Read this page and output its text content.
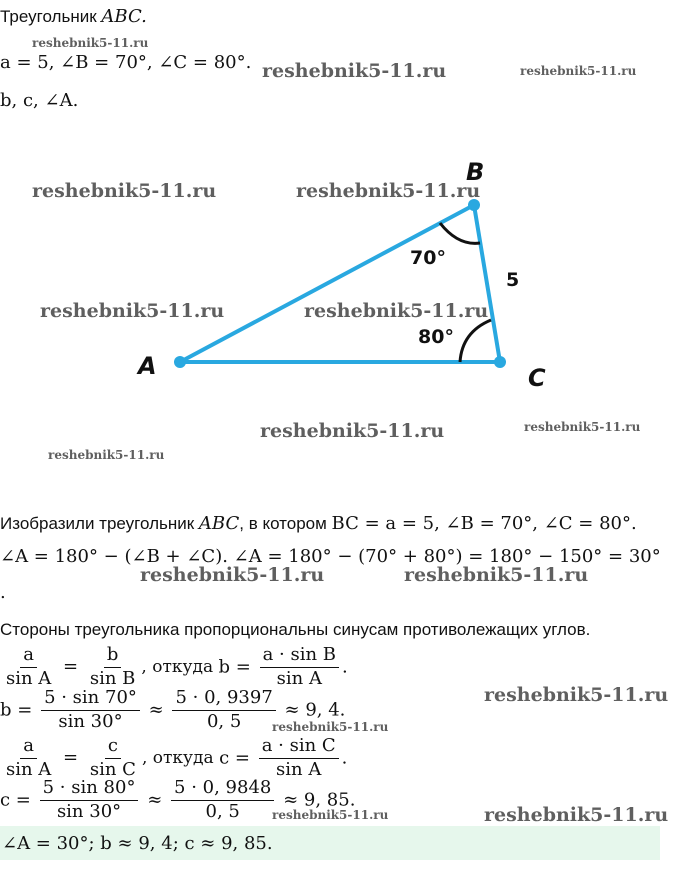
Треугольник ABC.
a = 5, ∠B = 70°, ∠C = 80°.
b, c, ∠A.
A
B
C
70°
80°
5
Изобразили треугольник ABC, в котором BC = a = 5, ∠B = 70°, ∠C = 80°.
∠A = 180° − (∠B + ∠C). ∠A = 180° − (70° + 80°) = 180° − 150° = 30°
.
Стороны треугольника пропорциональны синусам противолежащих углов.
$\frac{a}{\text{sin A}} = \frac{b}{\text{sin B}}$ , откуда $b = \frac{\text{a · sin B}}{\text{sin A}}$ .
$b = \frac{5 \cdot \sin 70^\circ}{\sin 30^\circ} \approx \frac{5 \cdot 0, 9397}{0, 5} \approx 9$, 4.
$\frac{a}{\text{sin A}} = \frac{c}{\text{sin C}}$ , откуда $c = \frac{\text{a · sin C}}{\text{sin A}}$ .
$c = \frac{5 \cdot \sin 80^\circ}{\sin 30^\circ} \approx \frac{5 \cdot 0, 9848}{0, 5} \approx 9$, 85.
∠A = 30°; b ≈ 9, 4; c ≈ 9, 85.
reshebnik5-11.ru
reshebnik5-11.ru	reshebnik5-11.ru
reshebnik5-11.ru	reshebnik5-11.ru
reshebnik5-11.ru	reshebnik5-11.ru
reshebnik5-11.ru	reshebnik5-11.ru
reshebnik5-11.ru
reshebnik5-11.ru	reshebnik5-11.ru
reshebnik5-11.ru
reshebnik5-11.ru
reshebnik5-11.ru	reshebnik5-11.ru
